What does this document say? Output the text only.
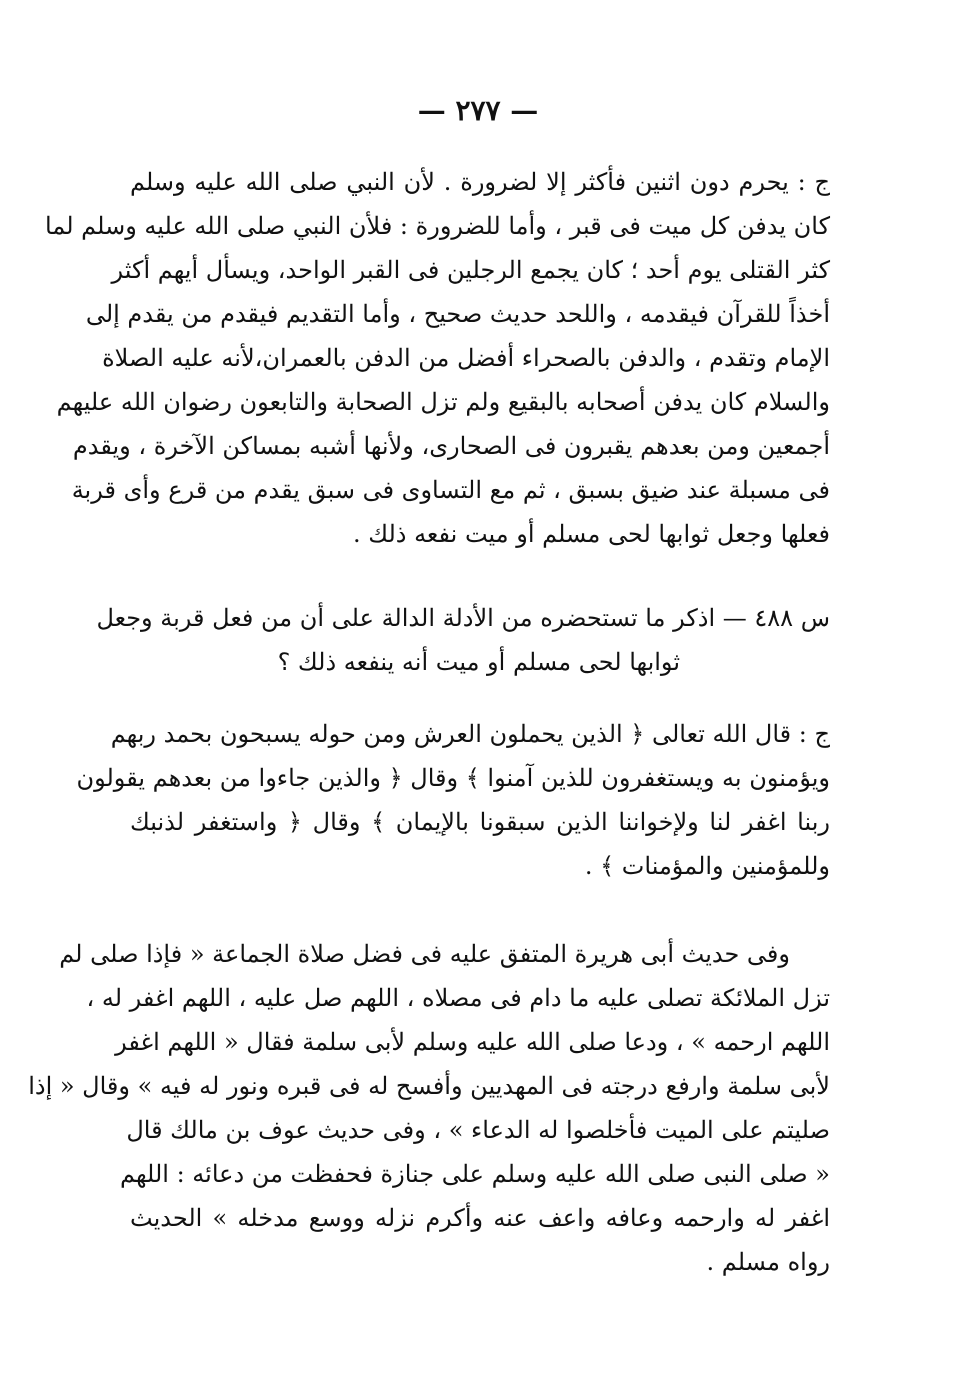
— ٢٧٧ —
ج : يحرم دون اثنين فأكثر إلا لضرورة . لأن النبي صلى الله عليه وسلم
كان يدفن كل ميت فى قبر ، وأما للضرورة : فلأن النبي صلى الله عليه وسلم لما
كثر القتلى يوم أحد ؛ كان يجمع الرجلين فى القبر الواحد، ويسأل أيهم أكثر
أخذاً للقرآن فيقدمه ، واللحد حديث صحيح ، وأما التقديم فيقدم من يقدم إلى
الإمام وتقدم ، والدفن بالصحراء أفضل من الدفن بالعمران،لأنه عليه الصلاة
والسلام كان يدفن أصحابه بالبقيع ولم تزل الصحابة والتابعون رضوان الله عليهم
أجمعين ومن بعدهم يقبرون فى الصحارى، ولأنها أشبه بمساكن الآخرة ، ويقدم
فى مسبلة عند ضيق بسبق ، ثم مع التساوى فى سبق يقدم من قرع وأى قربة
فعلها وجعل ثوابها لحى مسلم أو ميت نفعه ذلك .
س ٤٨٨ — اذكر ما تستحضره من الأدلة الدالة على أن من فعل قربة وجعل
ثوابها لحى مسلم أو ميت أنه ينفعه ذلك ؟
ج : قال الله تعالى ﴿ الذين يحملون العرش ومن حوله يسبحون بحمد ربهم
ويؤمنون به ويستغفرون للذين آمنوا ﴾ وقال ﴿ والذين جاءوا من بعدهم يقولون
ربنا اغفر لنا ولإخواننا الذين سبقونا بالإيمان ﴾ وقال ﴿ واستغفر لذنبك
وللمؤمنين والمؤمنات ﴾ .
وفى حديث أبى هريرة المتفق عليه فى فضل صلاة الجماعة « فإذا صلى لم
تزل الملائكة تصلى عليه ما دام فى مصلاه ، اللهم صل عليه ، اللهم اغفر له ،
اللهم ارحمه » ، ودعا صلى الله عليه وسلم لأبى سلمة فقال « اللهم اغفر
لأبى سلمة وارفع درجته فى المهديين وأفسح له فى قبره ونور له فيه » وقال « إذا
صليتم على الميت فأخلصوا له الدعاء » ، وفى حديث عوف بن مالك قال
« صلى النبى صلى الله عليه وسلم على جنازة فحفظت من دعائه : اللهم
اغفر له وارحمه وعافه واعف عنه وأكرم نزله ووسع مدخله » الحديث
رواه مسلم .
